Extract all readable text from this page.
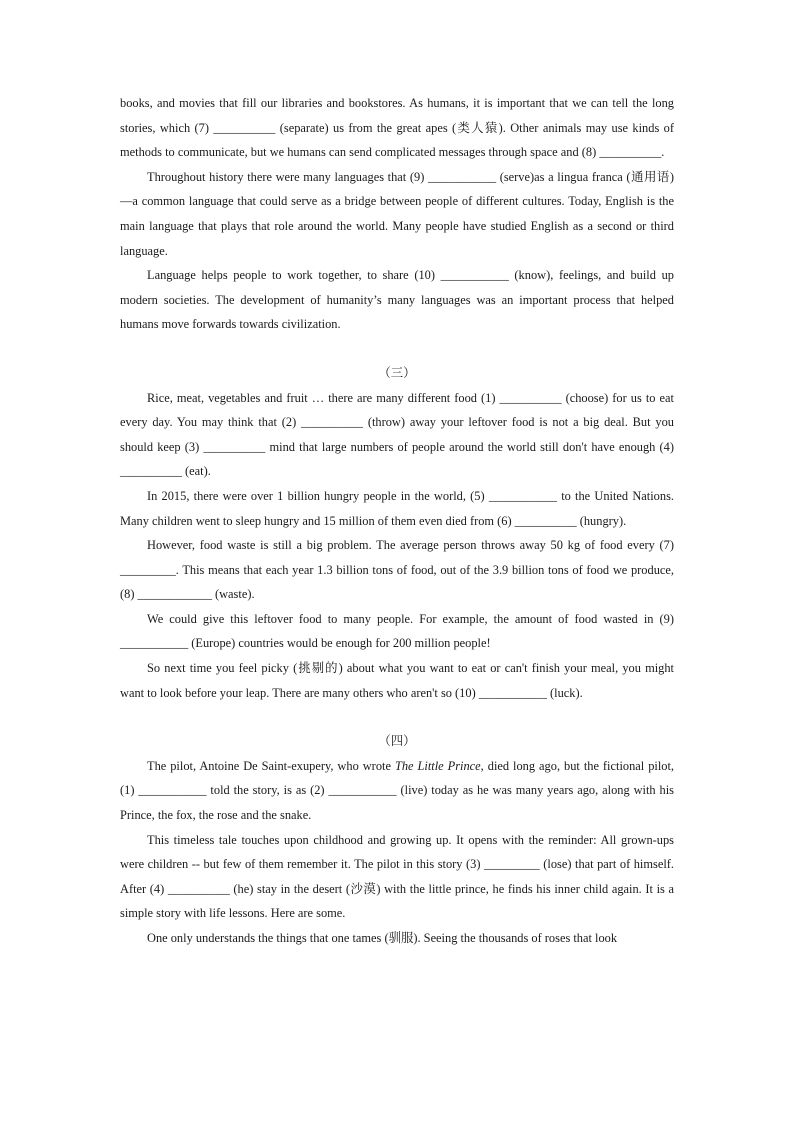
books, and movies that fill our libraries and bookstores. As humans, it is important that we can tell the long stories, which (7) __________ (separate) us from the great apes (类人猿). Other animals may use kinds of methods to communicate, but we humans can send complicated messages through space and (8) __________.

Throughout history there were many languages that (9) ___________ (serve)as a lingua franca (通用语)—a common language that could serve as a bridge between people of different cultures. Today, English is the main language that plays that role around the world. Many people have studied English as a second or third language.

Language helps people to work together, to share (10) ___________ (know), feelings, and build up modern societies. The development of humanity’s many languages was an important process that helped humans move forwards towards civilization.

（三）

Rice, meat, vegetables and fruit … there are many different food (1) __________ (choose) for us to eat every day. You may think that (2) __________ (throw) away your leftover food is not a big deal. But you should keep (3) __________ mind that large numbers of people around the world still don't have enough (4) __________ (eat).

In 2015, there were over 1 billion hungry people in the world, (5) ___________ to the United Nations. Many children went to sleep hungry and 15 million of them even died from (6) __________ (hungry).

However, food waste is still a big problem. The average person throws away 50 kg of food every (7) _________. This means that each year 1.3 billion tons of food, out of the 3.9 billion tons of food we produce, (8) ____________ (waste).

We could give this leftover food to many people. For example, the amount of food wasted in (9) ___________ (Europe) countries would be enough for 200 million people!

So next time you feel picky (挑剔的) about what you want to eat or can't finish your meal, you might want to look before your leap. There are many others who aren't so (10) ___________ (luck).

（四）

The pilot, Antoine De Saint-exupery, who wrote The Little Prince, died long ago, but the fictional pilot, (1) ___________ told the story, is as (2) ___________ (live) today as he was many years ago, along with his Prince, the fox, the rose and the snake.

This timeless tale touches upon childhood and growing up. It opens with the reminder: All grown-ups were children -- but few of them remember it. The pilot in this story (3) _________ (lose) that part of himself. After (4) __________ (he) stay in the desert (沙漠) with the little prince, he finds his inner child again. It is a simple story with life lessons. Here are some.

One only understands the things that one tames (驯服). Seeing the thousands of roses that look
